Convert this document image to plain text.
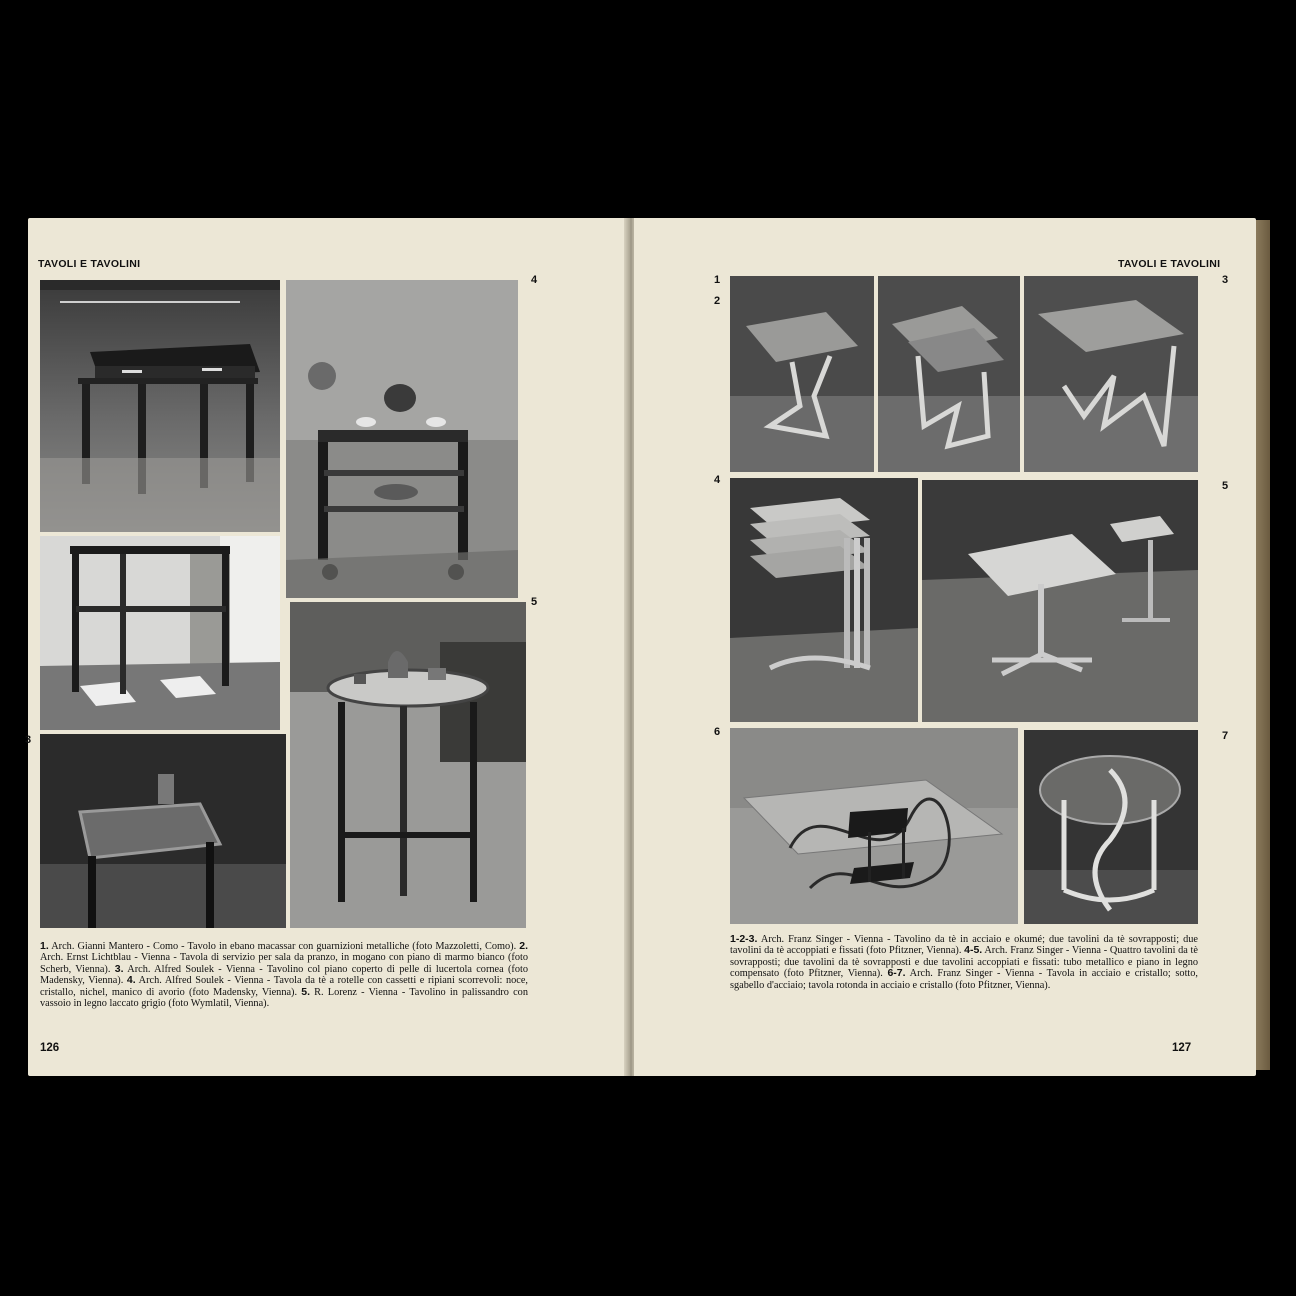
TAVOLI E TAVOLINI
4
5
3
1. Arch. Gianni Mantero - Como - Tavolo in ebano macassar con guarnizioni metalliche (foto Mazzoletti, Como). 2. Arch. Ernst Lichtblau - Vienna - Tavola di servizio per sala da pranzo, in mogano con piano di marmo bianco (foto Scherb, Vienna). 3. Arch. Alfred Soulek - Vienna - Tavolino col piano coperto di pelle di lucertola cornea (foto Madensky, Vienna). 4. Arch. Alfred Soulek - Vienna - Tavola da tè a rotelle con cassetti e ripiani scorrevoli: noce, cristallo, nichel, manico di avorio (foto Madensky, Vienna). 5. R. Lorenz - Vienna - Tavolino in palissandro con vassoio in legno laccato grigio (foto Wymlatil, Vienna).
126
TAVOLI E TAVOLINI
1
2
3
4	5
6	7
1-2-3. Arch. Franz Singer - Vienna - Tavolino da tè in acciaio e okumé; due tavolini da tè sovrapposti; due tavolini da tè accoppiati e fissati (foto Pfitzner, Vienna). 4-5. Arch. Franz Singer - Vienna - Quattro tavolini da tè sovrapposti; due tavolini da tè sovrapposti e due tavolini accoppiati e fissati: tubo metallico e piano in legno compensato (foto Pfitzner, Vienna). 6-7. Arch. Franz Singer - Vienna - Tavola in acciaio e cristallo; sotto, sgabello d'acciaio; tavola rotonda in acciaio e cristallo (foto Pfitzner, Vienna).
127
